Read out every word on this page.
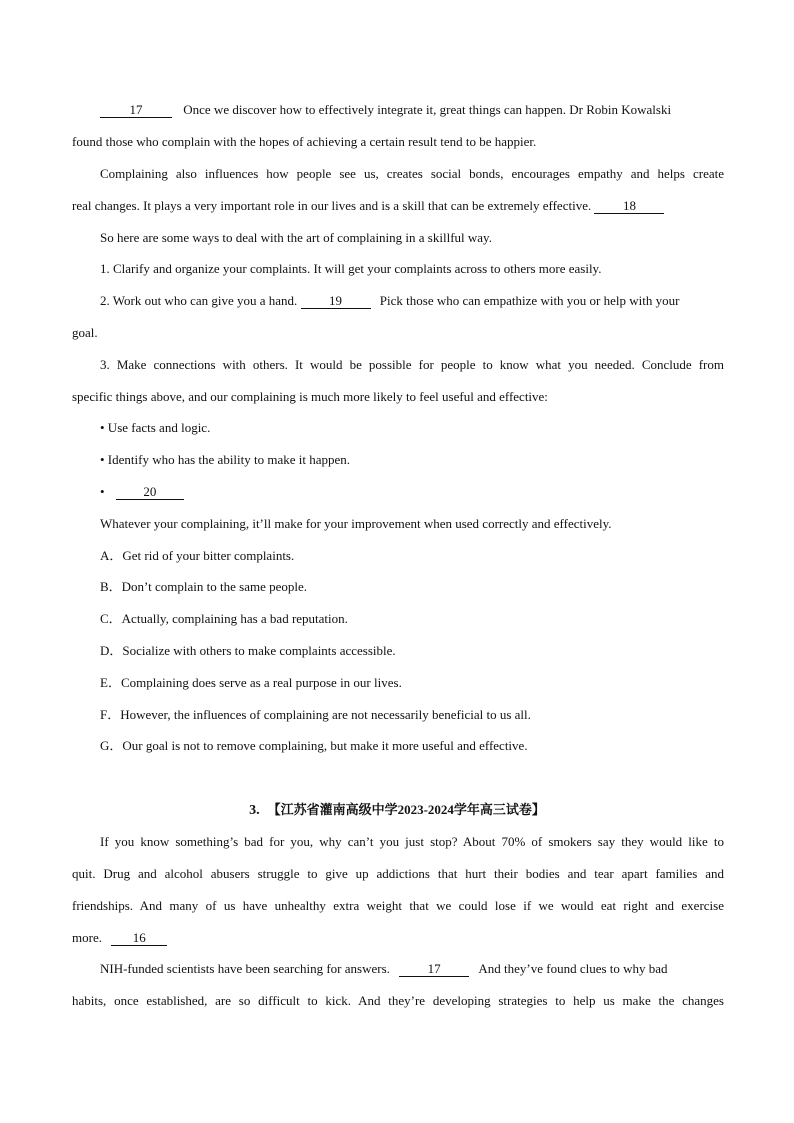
17	Once we discover how to effectively integrate it, great things can happen. Dr Robin Kowalski
found those who complain with the hopes of achieving a certain result tend to be happier.
Complaining also influences how people see us, creates social bonds, encourages empathy and helps create
real changes. It plays a very important role in our lives and is a skill that can be extremely effective. 18
So here are some ways to deal with the art of complaining in a skillful way.
1. Clarify and organize your complaints. It will get your complaints across to others more easily.
2. Work out who can give you a hand. 19	Pick those who can empathize with you or help with your
goal.
3. Make connections with others. It would be possible for people to know what you needed. Conclude from
specific things above, and our complaining is much more likely to feel useful and effective:
• Use facts and logic.
• Identify who has the ability to make it happen.
•	20
Whatever your complaining, it’ll make for your improvement when used correctly and effectively.
A．Get rid of your bitter complaints.
B．Don’t complain to the same people.
C．Actually, complaining has a bad reputation.
D．Socialize with others to make complaints accessible.
E．Complaining does serve as a real purpose in our lives.
F．However, the influences of complaining are not necessarily beneficial to us all.
G．Our goal is not to remove complaining, but make it more useful and effective.
3. 【江苏省灌南高级中学2023-2024学年高三试卷】
If you know something’s bad for you, why can’t you just stop? About 70% of smokers say they would like to
quit. Drug and alcohol abusers struggle to give up addictions that hurt their bodies and tear apart families and
friendships. And many of us have unhealthy extra weight that we could lose if we would eat right and exercise
more. 16
NIH-funded scientists have been searching for answers.	17	And they’ve found clues to why bad
habits, once established, are so difficult to kick. And they’re developing strategies to help us make the changes
